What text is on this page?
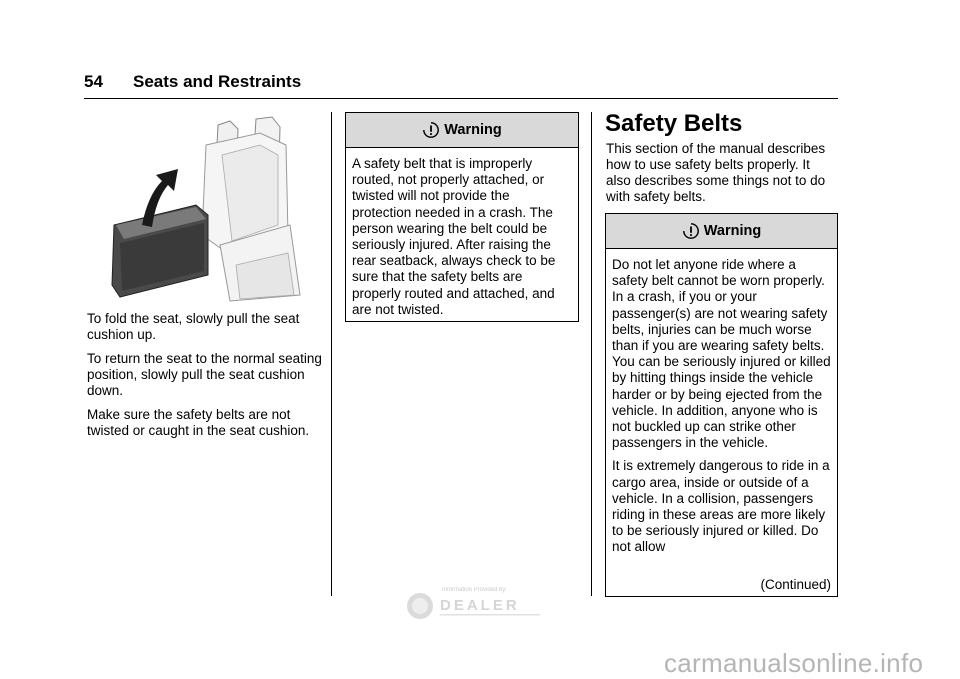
54 Seats and Restraints

To fold the seat, slowly pull the seat cushion up.

To return the seat to the normal seating position, slowly pull the seat cushion down.

Make sure the safety belts are not twisted or caught in the seat cushion.

Warning

A safety belt that is improperly routed, not properly attached, or twisted will not provide the protection needed in a crash. The person wearing the belt could be seriously injured. After raising the rear seatback, always check to be sure that the safety belts are properly routed and attached, and are not twisted.

Safety Belts
This section of the manual describes how to use safety belts properly. It also describes some things not to do with safety belts.
Warning

Do not let anyone ride where a safety belt cannot be worn properly. In a crash, if you or your passenger(s) are not wearing safety belts, injuries can be much worse than if you are wearing safety belts. You can be seriously injured or killed by hitting things inside the vehicle harder or by being ejected from the vehicle. In addition, anyone who is not buckled up can strike other passengers in the vehicle.

It is extremely dangerous to ride in a cargo area, inside or outside of a vehicle. In a collision, passengers riding in these areas are more likely to be seriously injured or killed. Do not allow

(Continued)
Information Provided by:
DEALER
carmanualsonline.info
